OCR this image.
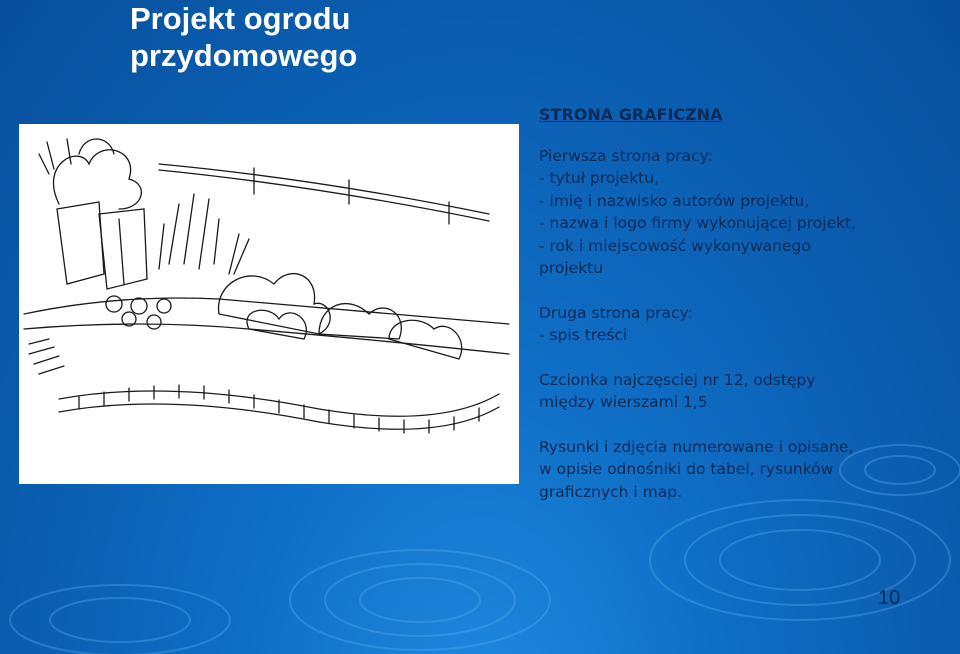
Projekt ogrodu
przydomowego
STRONA GRAFICZNA
Pierwsza strona pracy:
- tytuł projektu,
- imię i nazwisko autorów projektu,
- nazwa i logo firmy wykonującej projekt,
- rok i miejscowość wykonywanego
projektu
Druga strona pracy:
- spis treści
Czcionka najczęsciej nr 12, odstępy
między wierszami 1,5
Rysunki i zdjęcia numerowane i opisane,
w opisie odnośniki do tabel, rysunków
graficznych i map.
10
